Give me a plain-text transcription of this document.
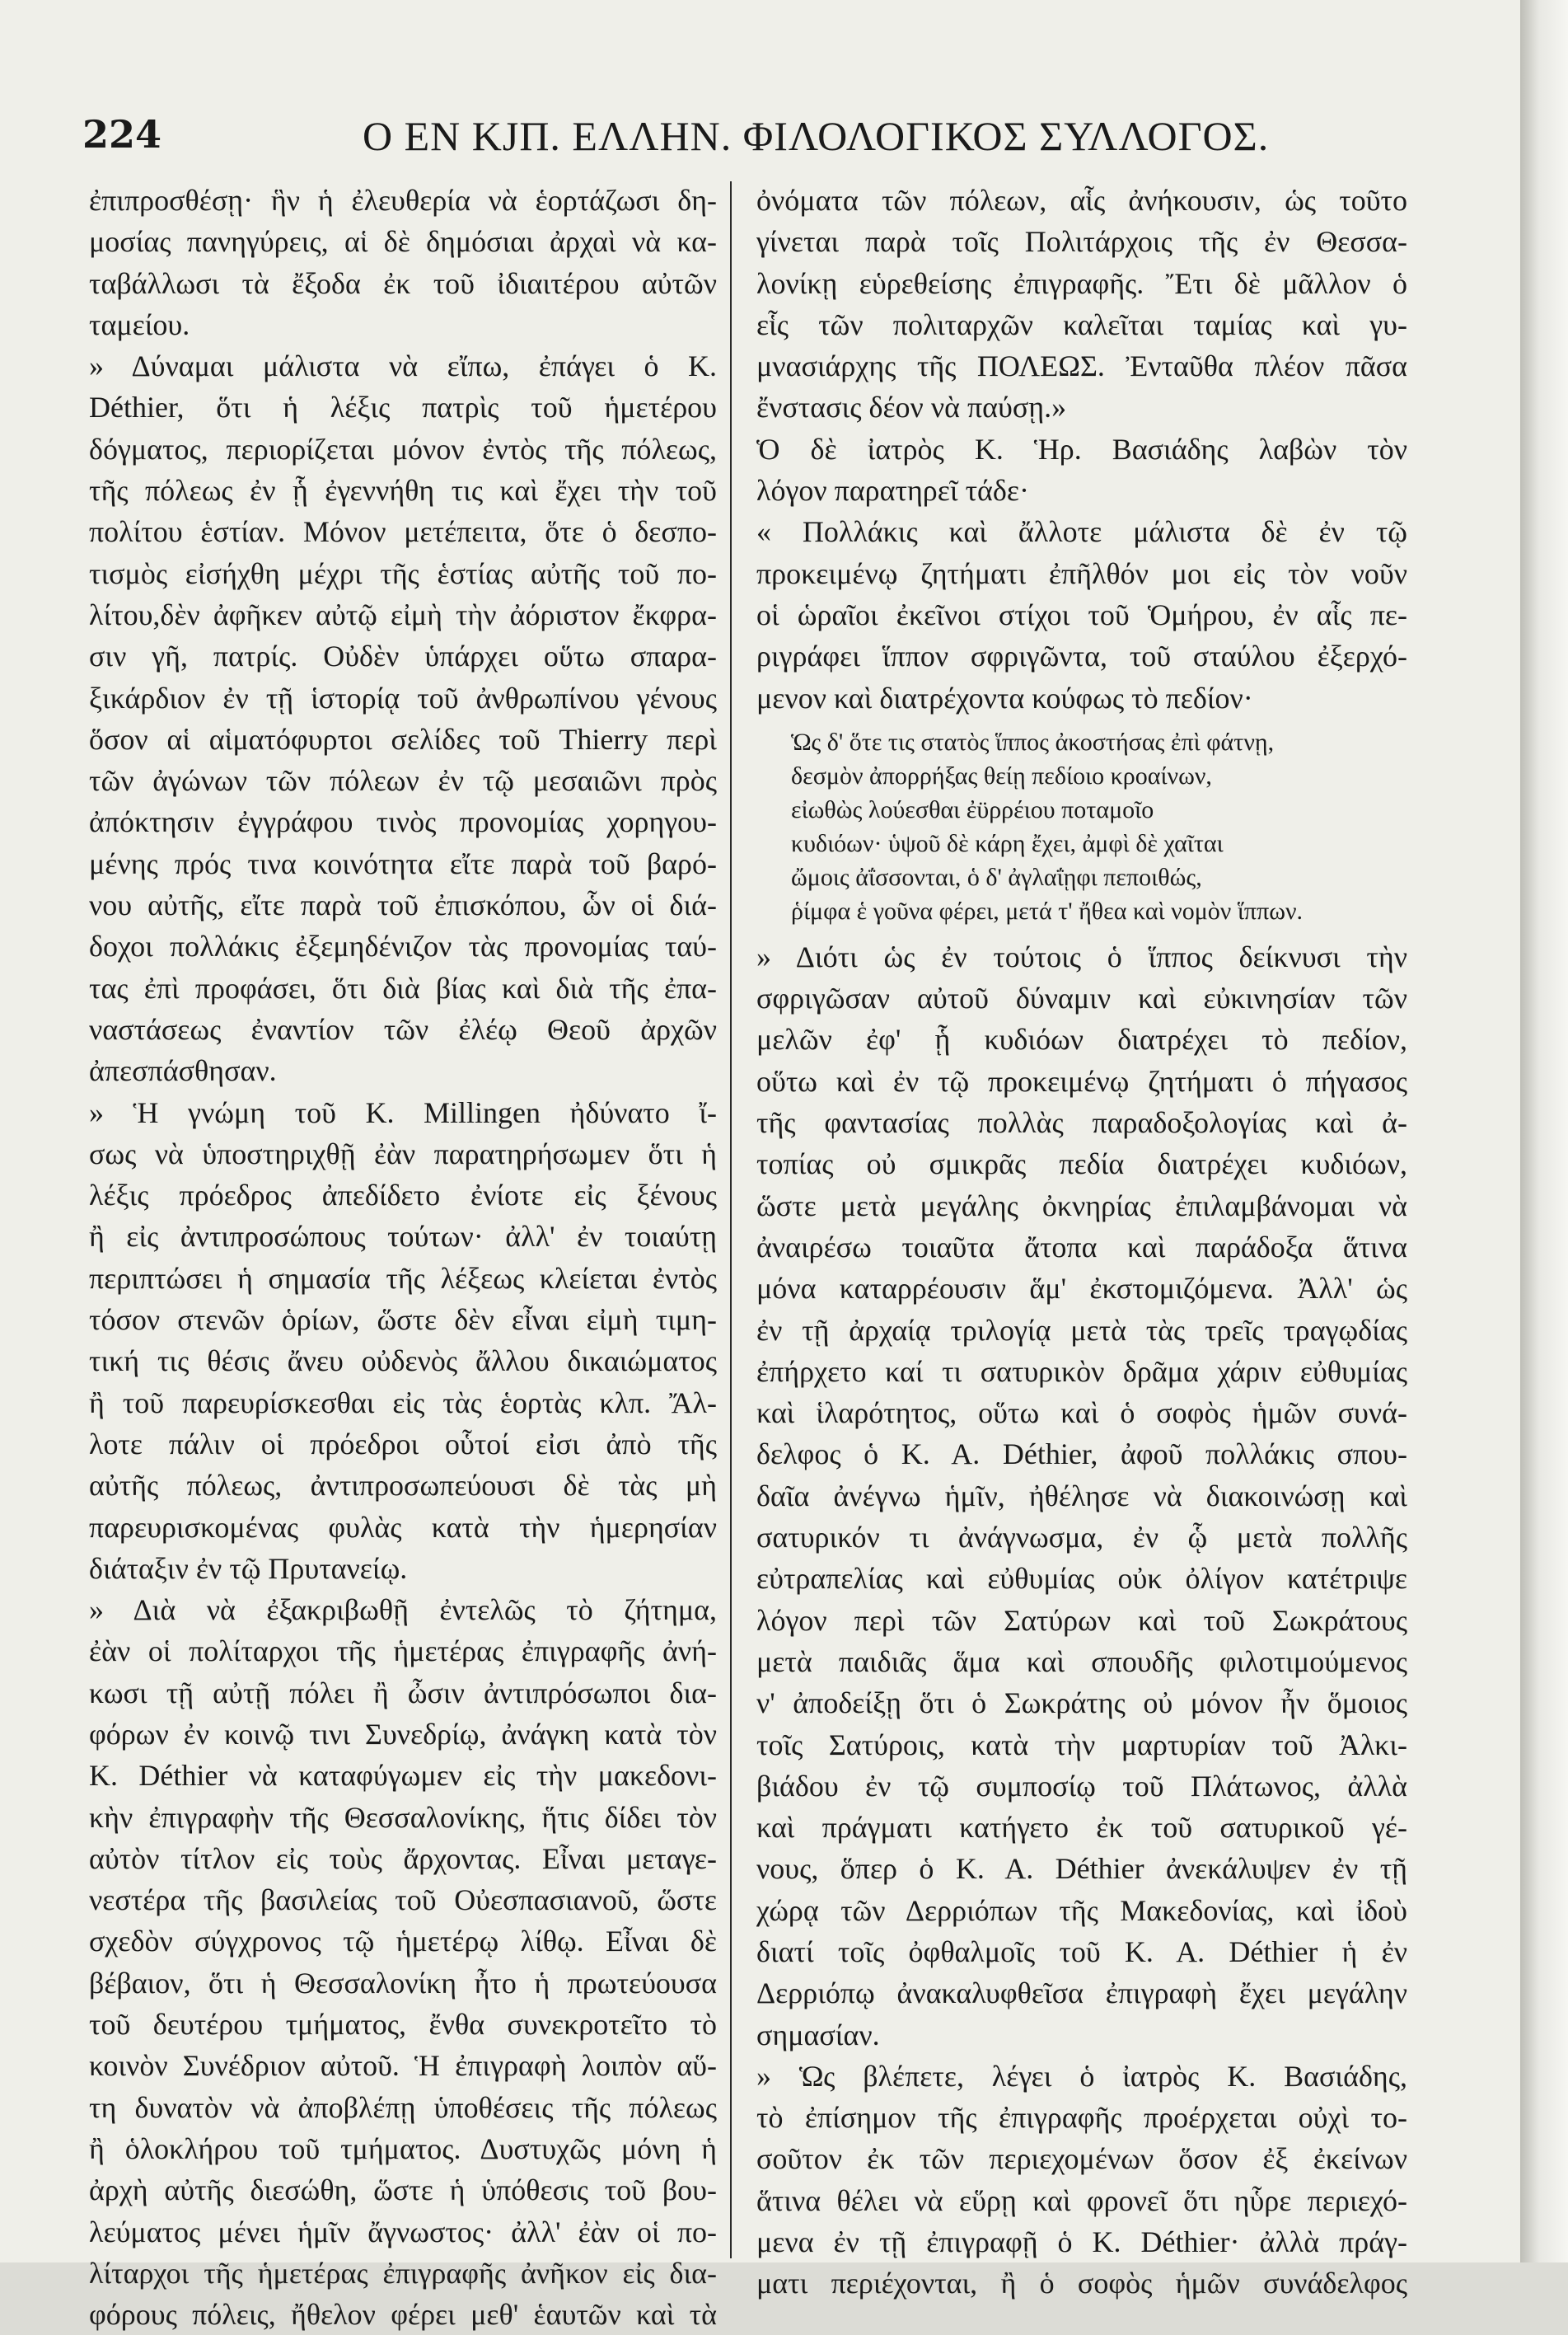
224	Ο ΕΝ ΚJΠ. ΕΛΛΗΝ. ΦΙΛΟΛΟΓΙΚΟΣ ΣΥΛΛΟΓΟΣ.
ἐπιπροσθέσῃ· ἣν ἡ ἐλευθερία νὰ ἑορτάζωσι δη-
μοσίας πανηγύρεις, αἱ δὲ δημόσιαι ἀρχαὶ νὰ κα-
ταβάλλωσι τὰ ἔξοδα ἐκ τοῦ ἰδιαιτέρου αὐτῶν
ταμείου.
» Δύναμαι μάλιστα νὰ εἴπω, ἐπάγει ὁ Κ.
Déthier, ὅτι ἡ λέξις πατρὶς τοῦ ἡμετέρου
δόγματος, περιορίζεται μόνον ἐντὸς τῆς πόλεως,
τῆς πόλεως ἐν ᾗ ἐγεννήθη τις καὶ ἔχει τὴν τοῦ
πολίτου ἑστίαν. Μόνον μετέπειτα, ὅτε ὁ δεσπο-
τισμὸς εἰσήχθη μέχρι τῆς ἑστίας αὐτῆς τοῦ πο-
λίτου,δὲν ἀφῆκεν αὐτῷ εἰμὴ τὴν ἀόριστον ἔκφρα-
σιν γῆ, πατρίς. Οὐδὲν ὑπάρχει οὕτω σπαρα-
ξικάρδιον ἐν τῇ ἱστορίᾳ τοῦ ἀνθρωπίνου γένους
ὅσον αἱ αἱματόφυρτοι σελίδες τοῦ Thierry περὶ
τῶν ἀγώνων τῶν πόλεων ἐν τῷ μεσαιῶνι πρὸς
ἀπόκτησιν ἐγγράφου τινὸς προνομίας χορηγου-
μένης πρός τινα κοινότητα εἴτε παρὰ τοῦ βαρό-
νου αὐτῆς, εἴτε παρὰ τοῦ ἐπισκόπου, ὧν οἱ διά-
δοχοι πολλάκις ἐξεμηδένιζον τὰς προνομίας ταύ-
τας ἐπὶ προφάσει, ὅτι διὰ βίας καὶ διὰ τῆς ἐπα-
ναστάσεως ἐναντίον τῶν ἐλέῳ Θεοῦ ἀρχῶν
ἀπεσπάσθησαν.
» Ἡ γνώμη τοῦ Κ. Millingen ἠδύνατο ἴ-
σως νὰ ὑποστηριχθῇ ἐὰν παρατηρήσωμεν ὅτι ἡ
λέξις πρόεδρος ἀπεδίδετο ἐνίοτε εἰς ξένους
ἢ εἰς ἀντιπροσώπους τούτων· ἀλλ' ἐν τοιαύτῃ
περιπτώσει ἡ σημασία τῆς λέξεως κλείεται ἐντὸς
τόσον στενῶν ὁρίων, ὥστε δὲν εἶναι εἰμὴ τιμη-
τική τις θέσις ἄνευ οὐδενὸς ἄλλου δικαιώματος
ἢ τοῦ παρευρίσκεσθαι εἰς τὰς ἑορτὰς κλπ. Ἄλ-
λοτε πάλιν οἱ πρόεδροι οὗτοί εἰσι ἀπὸ τῆς
αὐτῆς πόλεως, ἀντιπροσωπεύουσι δὲ τὰς μὴ
παρευρισκομένας φυλὰς κατὰ τὴν ἡμερησίαν
διάταξιν ἐν τῷ Πρυτανείῳ.
» Διὰ νὰ ἐξακριβωθῇ ἐντελῶς τὸ ζήτημα,
ἐὰν οἱ πολίταρχοι τῆς ἡμετέρας ἐπιγραφῆς ἀνή-
κωσι τῇ αὐτῇ πόλει ἢ ὦσιν ἀντιπρόσωποι δια-
φόρων ἐν κοινῷ τινι Συνεδρίῳ, ἀνάγκη κατὰ τὸν
Κ. Déthier νὰ καταφύγωμεν εἰς τὴν μακεδονι-
κὴν ἐπιγραφὴν τῆς Θεσσαλονίκης, ἥτις δίδει τὸν
αὐτὸν τίτλον εἰς τοὺς ἄρχοντας. Εἶναι μεταγε-
νεστέρα τῆς βασιλείας τοῦ Οὐεσπασιανοῦ, ὥστε
σχεδὸν σύγχρονος τῷ ἡμετέρῳ λίθῳ. Εἶναι δὲ
βέβαιον, ὅτι ἡ Θεσσαλονίκη ἦτο ἡ πρωτεύουσα
τοῦ δευτέρου τμήματος, ἔνθα συνεκροτεῖτο τὸ
κοινὸν Συνέδριον αὐτοῦ. Ἡ ἐπιγραφὴ λοιπὸν αὕ-
τη δυνατὸν νὰ ἀποβλέπῃ ὑποθέσεις τῆς πόλεως
ἢ ὁλοκλήρου τοῦ τμήματος. Δυστυχῶς μόνη ἡ
ἀρχὴ αὐτῆς διεσώθη, ὥστε ἡ ὑπόθεσις τοῦ βου-
λεύματος μένει ἡμῖν ἄγνωστος· ἀλλ' ἐὰν οἱ πο-
λίταρχοι τῆς ἡμετέρας ἐπιγραφῆς ἀνῆκον εἰς δια-
φόρους πόλεις, ἤθελον φέρει μεθ' ἑαυτῶν καὶ τὰ
ὀνόματα τῶν πόλεων, αἷς ἀνήκουσιν, ὡς τοῦτο
γίνεται παρὰ τοῖς Πολιτάρχοις τῆς ἐν Θεσσα-
λονίκῃ εὑρεθείσης ἐπιγραφῆς. Ἔτι δὲ μᾶλλον ὁ
εἷς τῶν πολιταρχῶν καλεῖται ταμίας καὶ γυ-
μνασιάρχης τῆς ΠΟΛΕΩΣ. Ἐνταῦθα πλέον πᾶσα
ἔνστασις δέον νὰ παύσῃ.»
Ὁ δὲ ἰατρὸς Κ. Ἡρ. Βασιάδης λαβὼν τὸν
λόγον παρατηρεῖ τάδε·
« Πολλάκις καὶ ἄλλοτε μάλιστα δὲ ἐν τῷ
προκειμένῳ ζητήματι ἐπῆλθόν μοι εἰς τὸν νοῦν
οἱ ὡραῖοι ἐκεῖνοι στίχοι τοῦ Ὁμήρου, ἐν αἷς πε-
ριγράφει ἵππον σφριγῶντα, τοῦ σταύλου ἐξερχό-
μενον καὶ διατρέχοντα κούφως τὸ πεδίον·
Ὡς δ' ὅτε τις στατὸς ἵππος ἀκοστήσας ἐπὶ φάτνῃ,
δεσμὸν ἀπορρήξας θείῃ πεδίοιο κροαίνων,
εἰωθὼς λούεσθαι ἐϋρρέιου ποταμοῖο
κυδιόων· ὑψοῦ δὲ κάρη ἔχει, ἀμφὶ δὲ χαῖται
ὤμοις ἀΐσσονται, ὁ δ' ἀγλαΐῃφι πεποιθώς,
ῥίμφα ἑ γοῦνα φέρει, μετά τ' ἤθεα καὶ νομὸν ἵππων.
» Διότι ὡς ἐν τούτοις ὁ ἵππος δείκνυσι τὴν
σφριγῶσαν αὐτοῦ δύναμιν καὶ εὐκινησίαν τῶν
μελῶν ἐφ' ᾗ κυδιόων διατρέχει τὸ πεδίον,
οὕτω καὶ ἐν τῷ προκειμένῳ ζητήματι ὁ πήγασος
τῆς φαντασίας πολλὰς παραδοξολογίας καὶ ἀ-
τοπίας οὐ σμικρᾶς πεδία διατρέχει κυδιόων,
ὥστε μετὰ μεγάλης ὀκνηρίας ἐπιλαμβάνομαι νὰ
ἀναιρέσω τοιαῦτα ἄτοπα καὶ παράδοξα ἅτινα
μόνα καταρρέουσιν ἅμ' ἐκστομιζόμενα. Ἀλλ' ὡς
ἐν τῇ ἀρχαίᾳ τριλογίᾳ μετὰ τὰς τρεῖς τραγῳδίας
ἐπήρχετο καί τι σατυρικὸν δρᾶμα χάριν εὐθυμίας
καὶ ἱλαρότητος, οὕτω καὶ ὁ σοφὸς ἡμῶν συνά-
δελφος ὁ Κ. Α. Déthier, ἀφοῦ πολλάκις σπου-
δαῖα ἀνέγνω ἡμῖν, ἠθέλησε νὰ διακοινώσῃ καὶ
σατυρικόν τι ἀνάγνωσμα, ἐν ᾧ μετὰ πολλῆς
εὐτραπελίας καὶ εὐθυμίας οὐκ ὀλίγον κατέτριψε
λόγον περὶ τῶν Σατύρων καὶ τοῦ Σωκράτους
μετὰ παιδιᾶς ἅμα καὶ σπουδῆς φιλοτιμούμενος
ν' ἀποδείξῃ ὅτι ὁ Σωκράτης οὐ μόνον ἦν ὅμοιος
τοῖς Σατύροις, κατὰ τὴν μαρτυρίαν τοῦ Ἀλκι-
βιάδου ἐν τῷ συμποσίῳ τοῦ Πλάτωνος, ἀλλὰ
καὶ πράγματι κατήγετο ἐκ τοῦ σατυρικοῦ γέ-
νους, ὅπερ ὁ Κ. Α. Déthier ἀνεκάλυψεν ἐν τῇ
χώρᾳ τῶν Δερριόπων τῆς Μακεδονίας, καὶ ἰδοὺ
διατί τοῖς ὀφθαλμοῖς τοῦ Κ. Α. Déthier ἡ ἐν
Δερριόπῳ ἀνακαλυφθεῖσα ἐπιγραφὴ ἔχει μεγάλην
σημασίαν.
» Ὡς βλέπετε, λέγει ὁ ἰατρὸς Κ. Βασιάδης,
τὸ ἐπίσημον τῆς ἐπιγραφῆς προέρχεται οὐχὶ το-
σοῦτον ἐκ τῶν περιεχομένων ὅσον ἐξ ἐκείνων
ἅτινα θέλει νὰ εὕρῃ καὶ φρονεῖ ὅτι ηὗρε περιεχό-
μενα ἐν τῇ ἐπιγραφῇ ὁ Κ. Déthier· ἀλλὰ πράγ-
ματι περιέχονται, ἢ ὁ σοφὸς ἡμῶν συνάδελφος
